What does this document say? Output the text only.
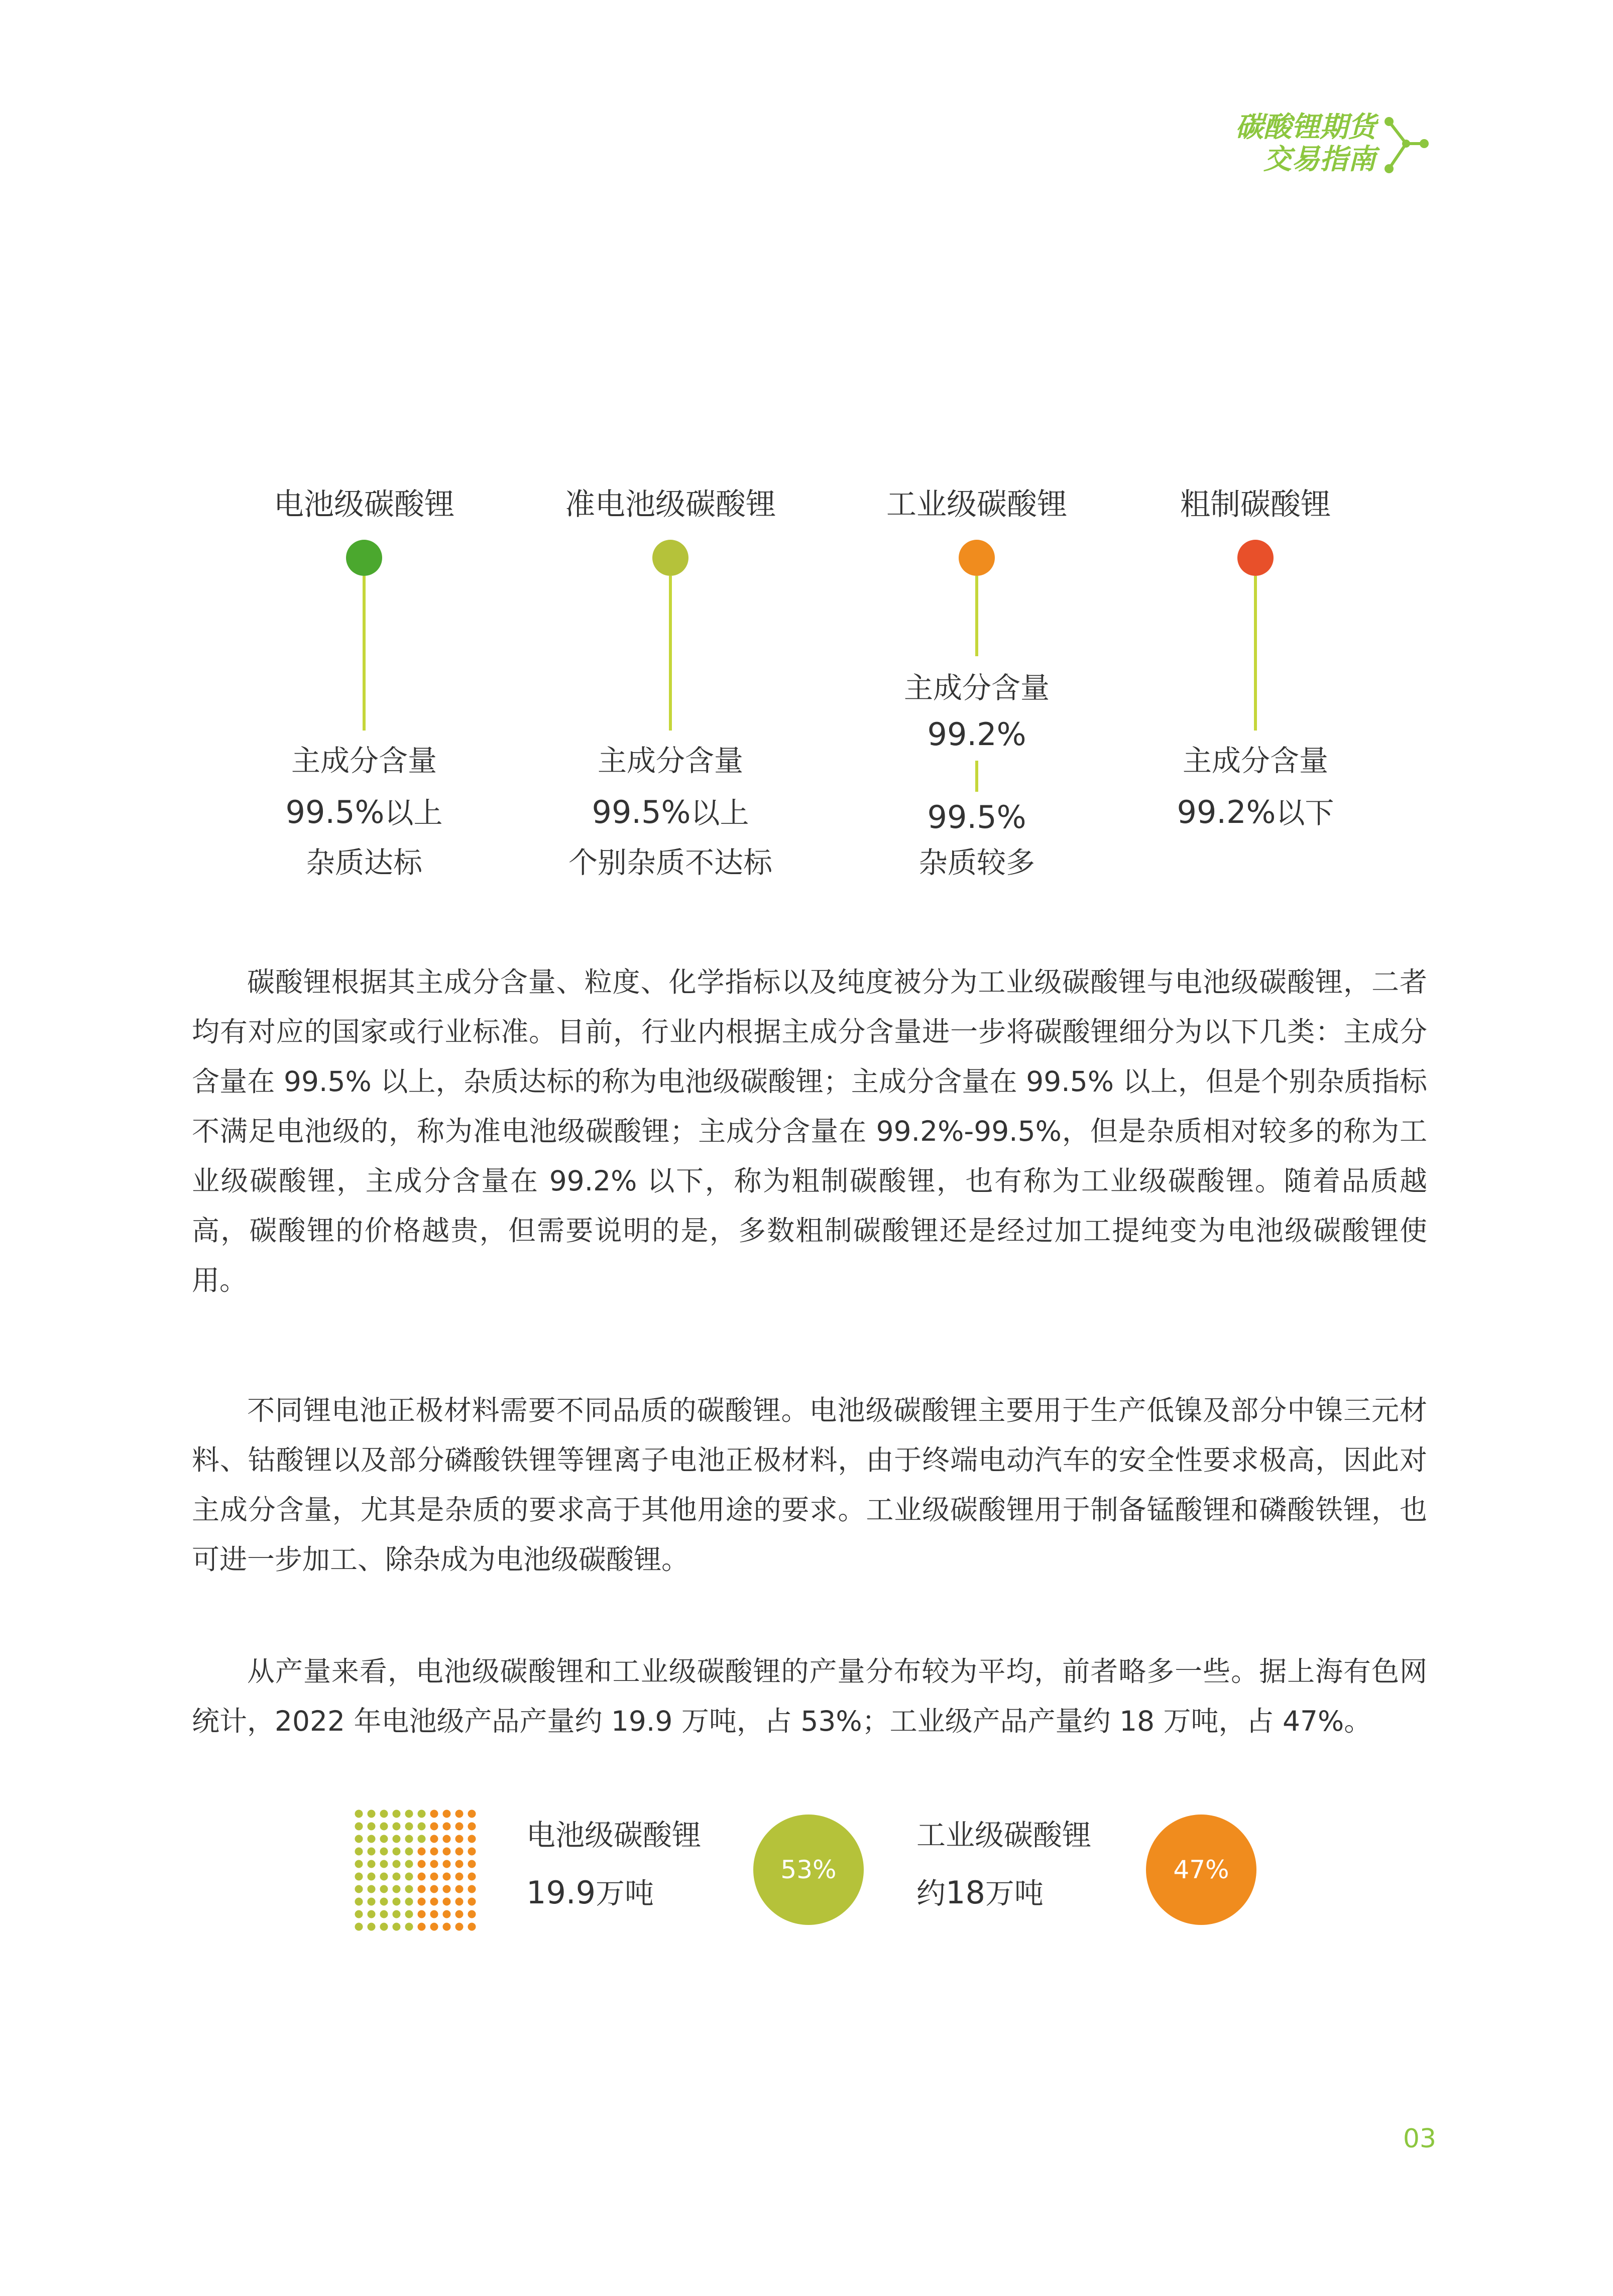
碳酸锂期货
交易指南
电池级碳酸锂
主成分含量
99.5%以上
杂质达标
准电池级碳酸锂
主成分含量
99.5%以上
个别杂质不达标
工业级碳酸锂
主成分含量
99.2%
99.5%
杂质较多
粗制碳酸锂
主成分含量
99.2%以下
碳酸锂根据其主成分含量、粒度、化学指标以及纯度被分为工业级碳酸锂与电池级碳酸锂，二者均有对应的国家或行业标准。目前，行业内根据主成分含量进一步将碳酸锂细分为以下几类：主成分含量在 99.5% 以上，杂质达标的称为电池级碳酸锂；主成分含量在 99.5% 以上，但是个别杂质指标不满足电池级的，称为准电池级碳酸锂；主成分含量在 99.2%-99.5%，但是杂质相对较多的称为工业级碳酸锂，主成分含量在 99.2% 以下，称为粗制碳酸锂，也有称为工业级碳酸锂。随着品质越高，碳酸锂的价格越贵，但需要说明的是，多数粗制碳酸锂还是经过加工提纯变为电池级碳酸锂使用。
不同锂电池正极材料需要不同品质的碳酸锂。电池级碳酸锂主要用于生产低镍及部分中镍三元材料、钴酸锂以及部分磷酸铁锂等锂离子电池正极材料，由于终端电动汽车的安全性要求极高，因此对主成分含量，尤其是杂质的要求高于其他用途的要求。工业级碳酸锂用于制备锰酸锂和磷酸铁锂，也可进一步加工、除杂成为电池级碳酸锂。
从产量来看，电池级碳酸锂和工业级碳酸锂的产量分布较为平均，前者略多一些。据上海有色网统计，2022 年电池级产品产量约 19.9 万吨，占 53%；工业级产品产量约 18 万吨，占 47%。
电池级碳酸锂
19.9万吨
53%
工业级碳酸锂
约18万吨
47%
03
